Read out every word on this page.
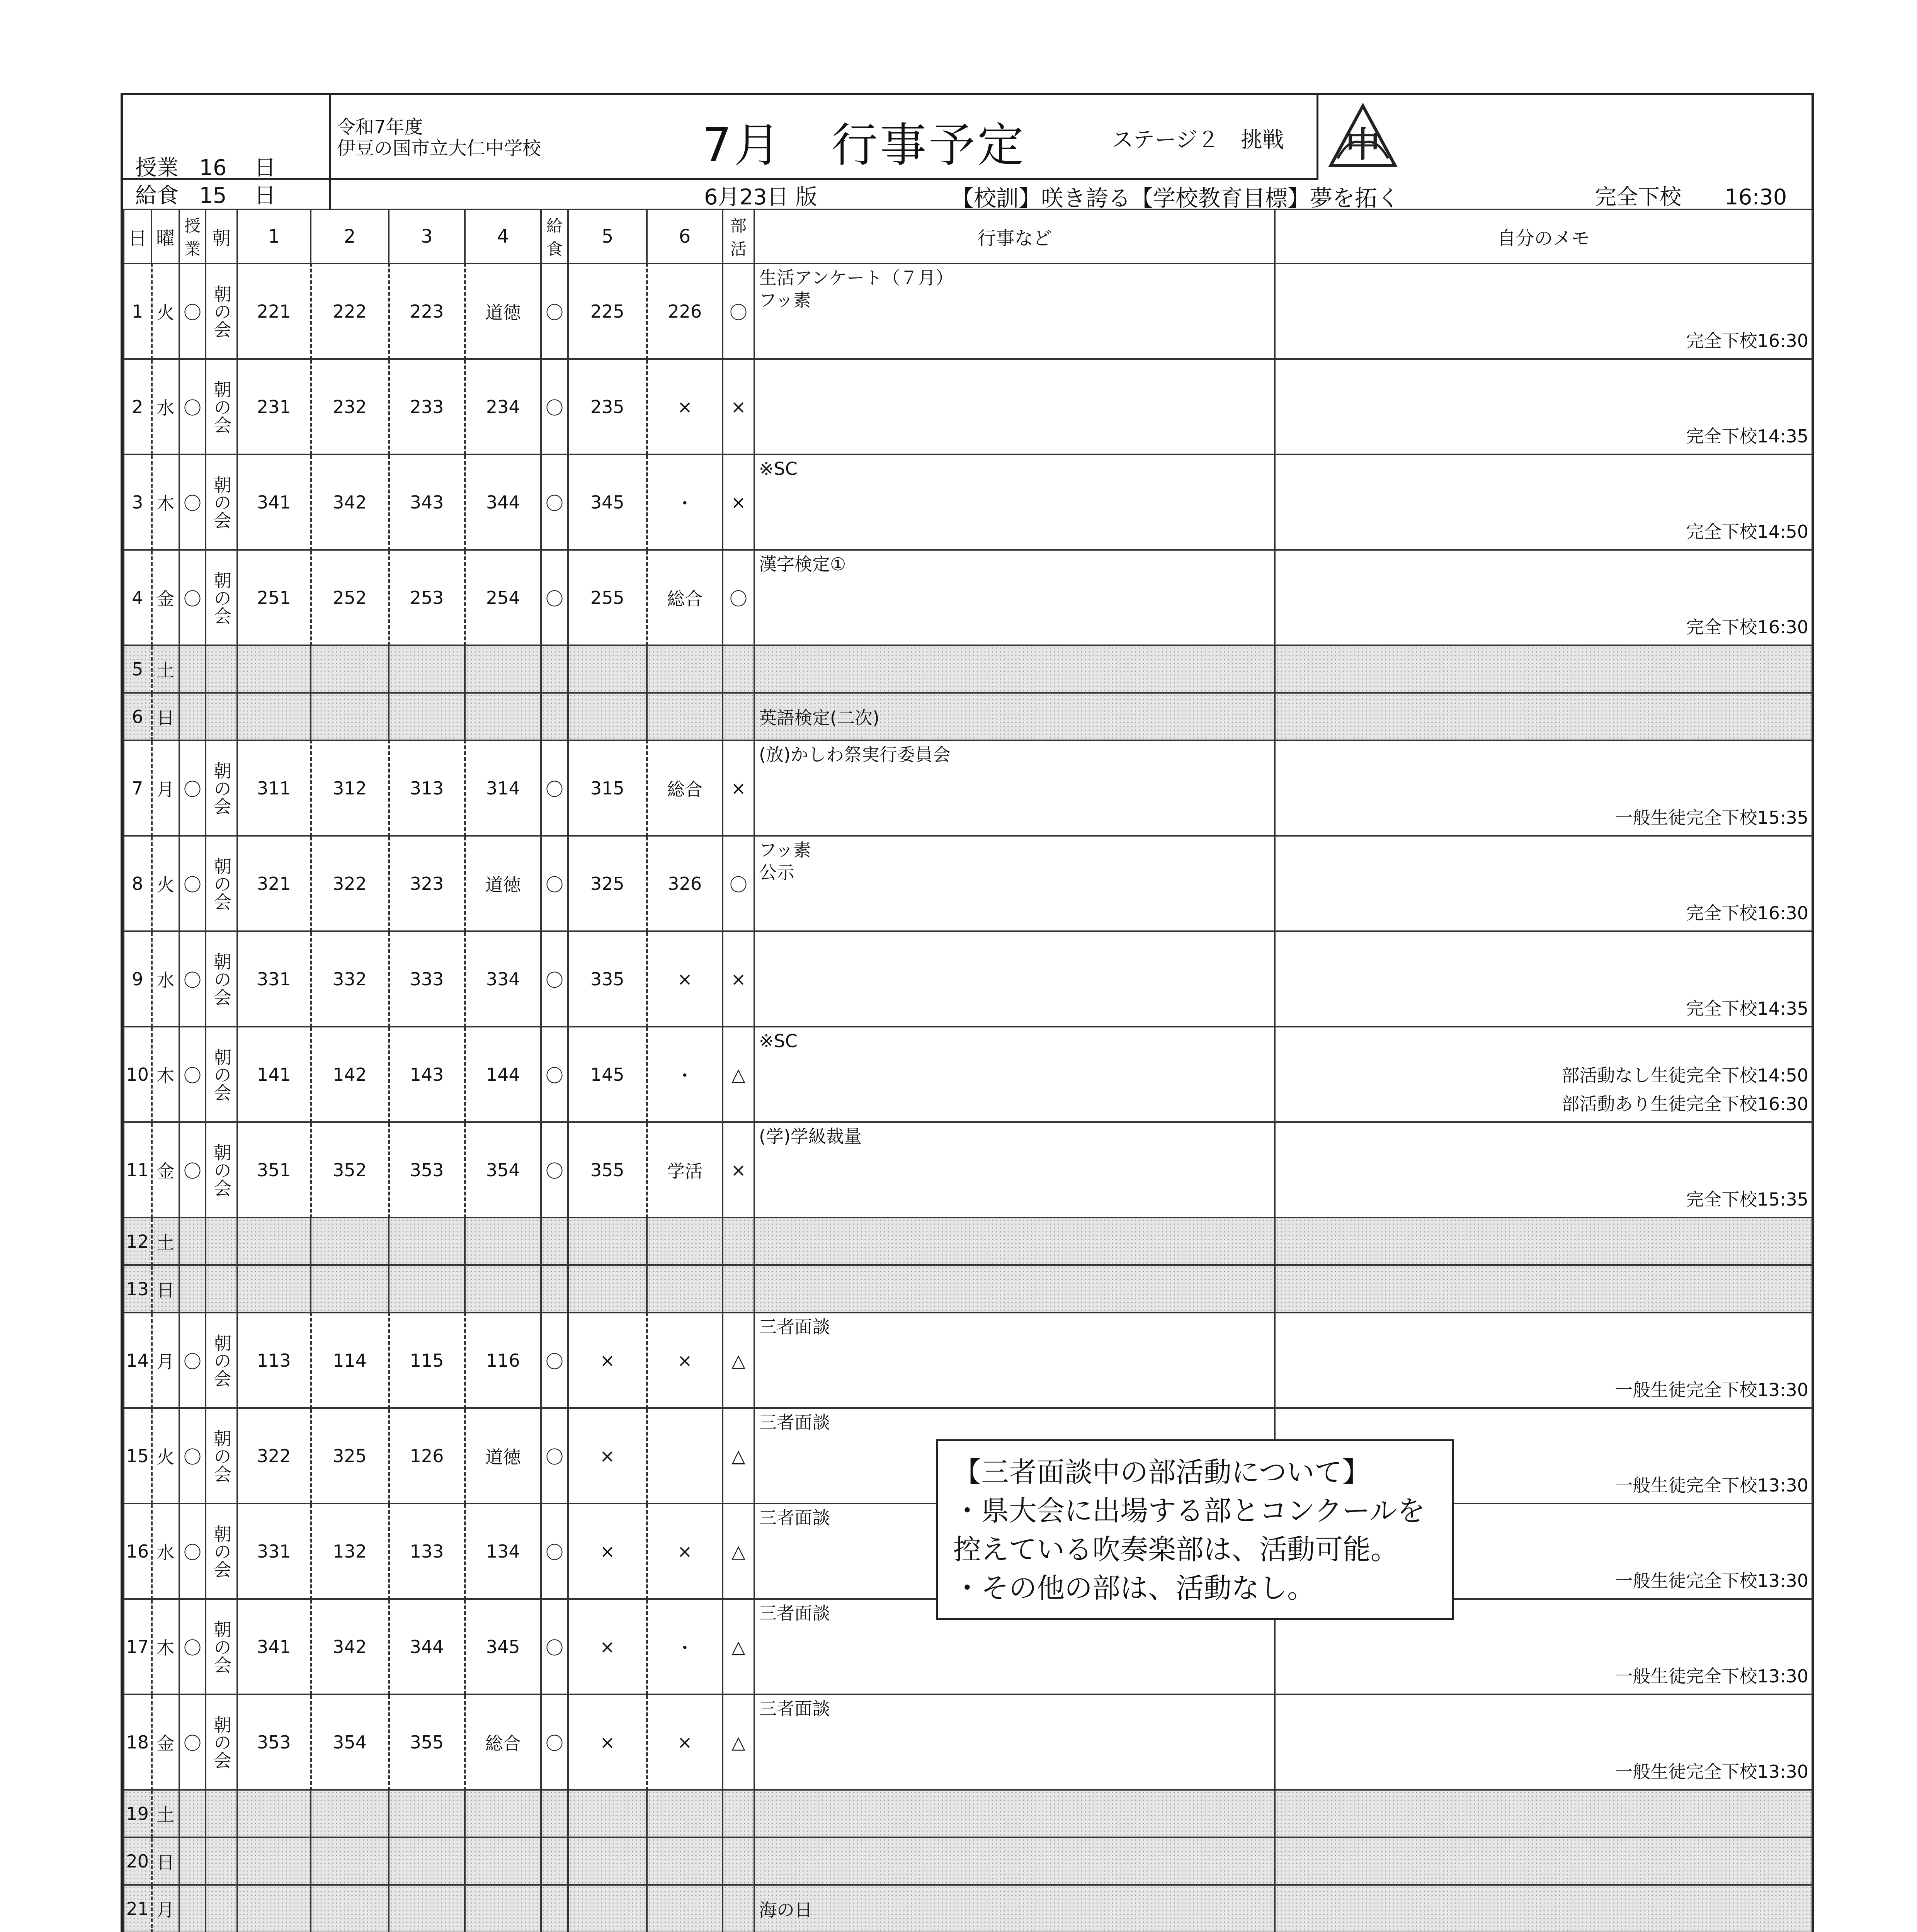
授業 16 日
給食 15 日
令和7年度
伊豆の国市立大仁中学校	7月　行事予定	ステージ２　挑戦
6月23日 版	【校訓】咲き誇る【学校教育目標】夢を拓く	完全下校　　16:30
中
日	曜	授業	朝	1	2	3	4	給食	5	6	部活	行事など	自分のメモ
1	火	〇	朝の会	221	222	223	道徳	〇	225	226	〇	生活アンケート（７月）
フッ素	完全下校16:30
2	水	〇	朝の会	231	232	233	234	〇	235	×	×		完全下校14:35
3	木	〇	朝の会	341	342	343	344	〇	345	・	×	※SC	完全下校14:50
4	金	〇	朝の会	251	252	253	254	〇	255	総合	〇	漢字検定①	完全下校16:30
5	土												
6	日											英語検定(二次)	
7	月	〇	朝の会	311	312	313	314	〇	315	総合	×	(放)かしわ祭実行委員会	一般生徒完全下校15:35
8	火	〇	朝の会	321	322	323	道徳	〇	325	326	〇	フッ素
公示	完全下校16:30
9	水	〇	朝の会	331	332	333	334	〇	335	×	×		完全下校14:35
10	木	〇	朝の会	141	142	143	144	〇	145	・	△	※SC	部活動なし生徒完全下校14:50
部活動あり生徒完全下校16:30
11	金	〇	朝の会	351	352	353	354	〇	355	学活	×	(学)学級裁量	完全下校15:35
12	土												
13	日												
14	月	〇	朝の会	113	114	115	116	〇	×	×	△	三者面談	一般生徒完全下校13:30
15	火	〇	朝の会	322	325	126	道徳	〇	×		△	三者面談	一般生徒完全下校13:30
16	水	〇	朝の会	331	132	133	134	〇	×	×	△	三者面談	一般生徒完全下校13:30
17	木	〇	朝の会	341	342	344	345	〇	×	・	△	三者面談	一般生徒完全下校13:30
18	金	〇	朝の会	353	354	355	総合	〇	×	×	△	三者面談	一般生徒完全下校13:30
19	土												
20	日												
21	月											海の日	

【三者面談中の部活動について】
・県大会に出場する部とコンクールを
控えている吹奏楽部は、活動可能。
・その他の部は、活動なし。
